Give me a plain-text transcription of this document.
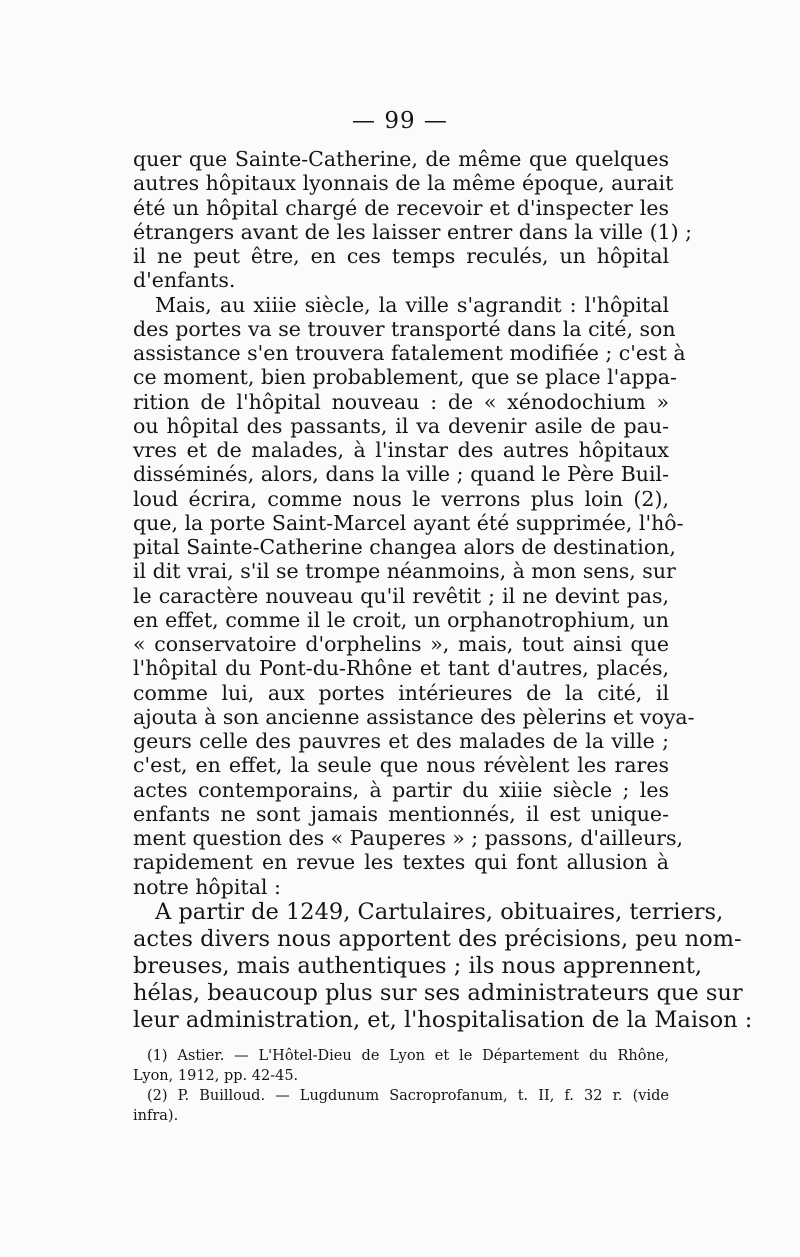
— 99 —
quer que Sainte-Catherine, de même que quelques
autres hôpitaux lyonnais de la même époque, aurait
été un hôpital chargé de recevoir et d'inspecter les
étrangers avant de les laisser entrer dans la ville (1) ;
il ne peut être, en ces temps reculés, un hôpital
d'enfants.
Mais, au xiiie siècle, la ville s'agrandit : l'hôpital
des portes va se trouver transporté dans la cité, son
assistance s'en trouvera fatalement modifiée ; c'est à
ce moment, bien probablement, que se place l'appa-
rition de l'hôpital nouveau : de « xénodochium »
ou hôpital des passants, il va devenir asile de pau-
vres et de malades, à l'instar des autres hôpitaux
disséminés, alors, dans la ville ; quand le Père Buil-
loud écrira, comme nous le verrons plus loin (2),
que, la porte Saint-Marcel ayant été supprimée, l'hô-
pital Sainte-Catherine changea alors de destination,
il dit vrai, s'il se trompe néanmoins, à mon sens, sur
le caractère nouveau qu'il revêtit ; il ne devint pas,
en effet, comme il le croit, un orphanotrophium, un
« conservatoire d'orphelins », mais, tout ainsi que
l'hôpital du Pont-du-Rhône et tant d'autres, placés,
comme lui, aux portes intérieures de la cité, il
ajouta à son ancienne assistance des pèlerins et voya-
geurs celle des pauvres et des malades de la ville ;
c'est, en effet, la seule que nous révèlent les rares
actes contemporains, à partir du xiiie siècle ; les
enfants ne sont jamais mentionnés, il est unique-
ment question des « Pauperes » ; passons, d'ailleurs,
rapidement en revue les textes qui font allusion à
notre hôpital :
A partir de 1249, Cartulaires, obituaires, terriers,
actes divers nous apportent des précisions, peu nom-
breuses, mais authentiques ; ils nous apprennent,
hélas, beaucoup plus sur ses administrateurs que sur
leur administration, et, l'hospitalisation de la Maison :
(1) Astier. — L'Hôtel-Dieu de Lyon et le Département du Rhône,
Lyon, 1912, pp. 42-45.
(2) P. Builloud. — Lugdunum Sacroprofanum, t. II, f. 32 r. (vide
infra).
